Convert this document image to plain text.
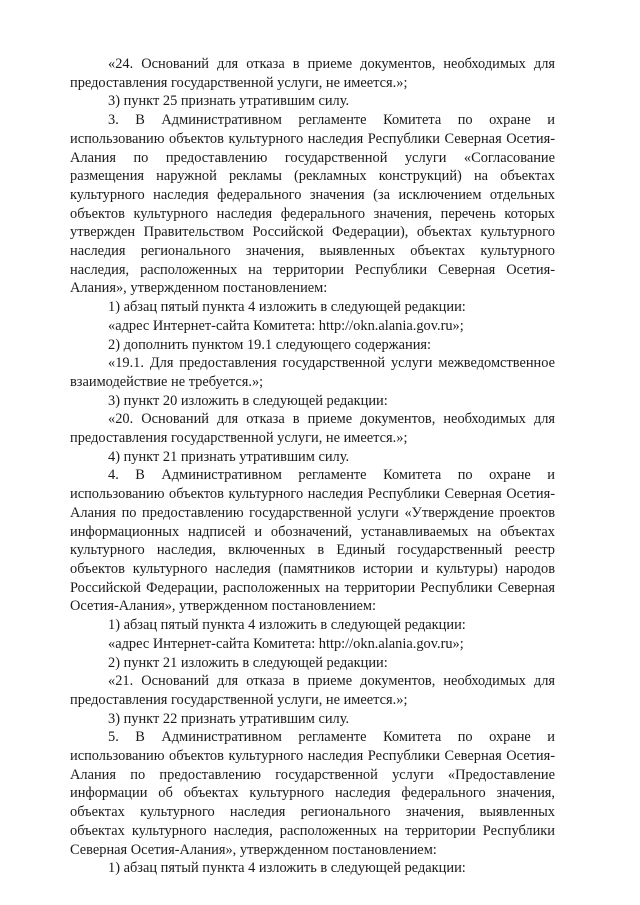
«24. Оснований для отказа в приеме документов, необходимых для предоставления государственной услуги, не имеется.»;

3) пункт 25 признать утратившим силу.

3. В Административном регламенте Комитета по охране и использованию объектов культурного наследия Республики Северная Осетия-Алания по предоставлению государственной услуги «Согласование размещения наружной рекламы (рекламных конструкций) на объектах культурного наследия федерального значения (за исключением отдельных объектов культурного наследия федерального значения, перечень которых утвержден Правительством Российской Федерации), объектах культурного наследия регионального значения, выявленных объектах культурного наследия, расположенных на территории Республики Северная Осетия-Алания», утвержденном постановлением:

1) абзац пятый пункта 4 изложить в следующей редакции:

«адрес Интернет-сайта Комитета: http://okn.alania.gov.ru»;

2) дополнить пунктом 19.1 следующего содержания:

«19.1. Для предоставления государственной услуги межведомственное взаимодействие не требуется.»;

3) пункт 20 изложить в следующей редакции:

«20. Оснований для отказа в приеме документов, необходимых для предоставления государственной услуги, не имеется.»;

4) пункт 21 признать утратившим силу.

4. В Административном регламенте Комитета по охране и использованию объектов культурного наследия Республики Северная Осетия-Алания по предоставлению государственной услуги «Утверждение проектов информационных надписей и обозначений, устанавливаемых на объектах культурного наследия, включенных в Единый государственный реестр объектов культурного наследия (памятников истории и культуры) народов Российской Федерации, расположенных на территории Республики Северная Осетия-Алания», утвержденном постановлением:

1) абзац пятый пункта 4 изложить в следующей редакции:

«адрес Интернет-сайта Комитета: http://okn.alania.gov.ru»;

2) пункт 21 изложить в следующей редакции:

«21. Оснований для отказа в приеме документов, необходимых для предоставления государственной услуги, не имеется.»;

3) пункт 22 признать утратившим силу.

5. В Административном регламенте Комитета по охране и использованию объектов культурного наследия Республики Северная Осетия-Алания по предоставлению государственной услуги «Предоставление информации об объектах культурного наследия федерального значения, объектах культурного наследия регионального значения, выявленных объектах культурного наследия, расположенных на территории Республики Северная Осетия-Алания», утвержденном постановлением:

1) абзац пятый пункта 4 изложить в следующей редакции:
